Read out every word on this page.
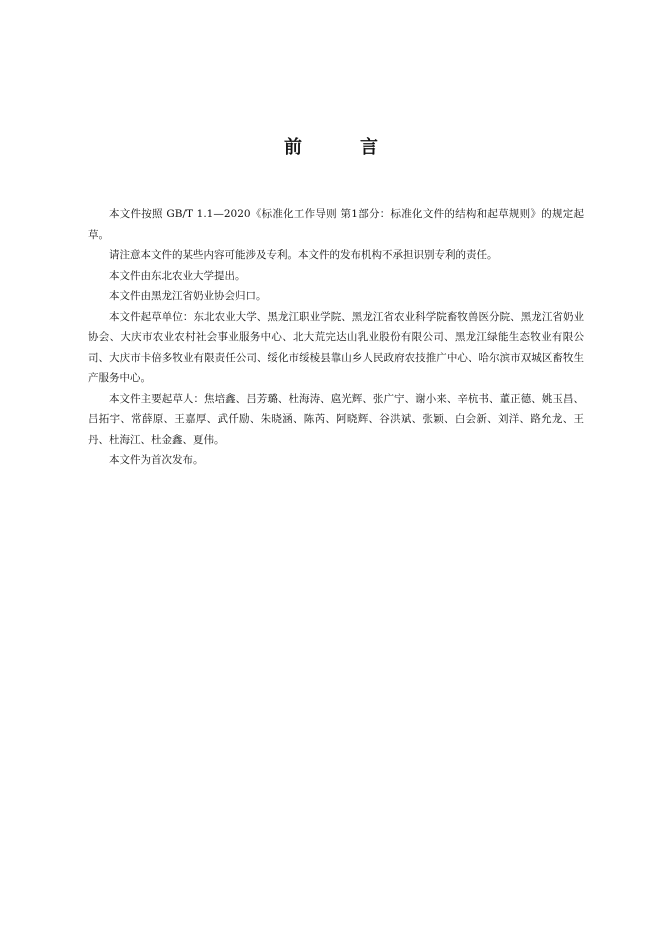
前　言

本文件按照 GB/T 1.1—2020《标准化工作导则 第1部分：标准化文件的结构和起草规则》的规定起草。

请注意本文件的某些内容可能涉及专利。本文件的发布机构不承担识别专利的责任。

本文件由东北农业大学提出。

本文件由黑龙江省奶业协会归口。

本文件起草单位：东北农业大学、黑龙江职业学院、黑龙江省农业科学院畜牧兽医分院、黑龙江省奶业协会、大庆市农业农村社会事业服务中心、北大荒完达山乳业股份有限公司、黑龙江绿能生态牧业有限公司、大庆市卡倍多牧业有限责任公司、绥化市绥棱县靠山乡人民政府农技推广中心、哈尔滨市双城区畜牧生产服务中心。

本文件主要起草人：焦培鑫、吕芳璐、杜海涛、扈光辉、张广宁、谢小来、辛杭书、董正德、姚玉昌、吕拓宇、常薛原、王嘉厚、武仟励、朱晓涵、陈芮、阿晓辉、谷洪斌、张颖、白会新、刘洋、路允龙、王丹、杜海江、杜金鑫、夏伟。

本文件为首次发布。
